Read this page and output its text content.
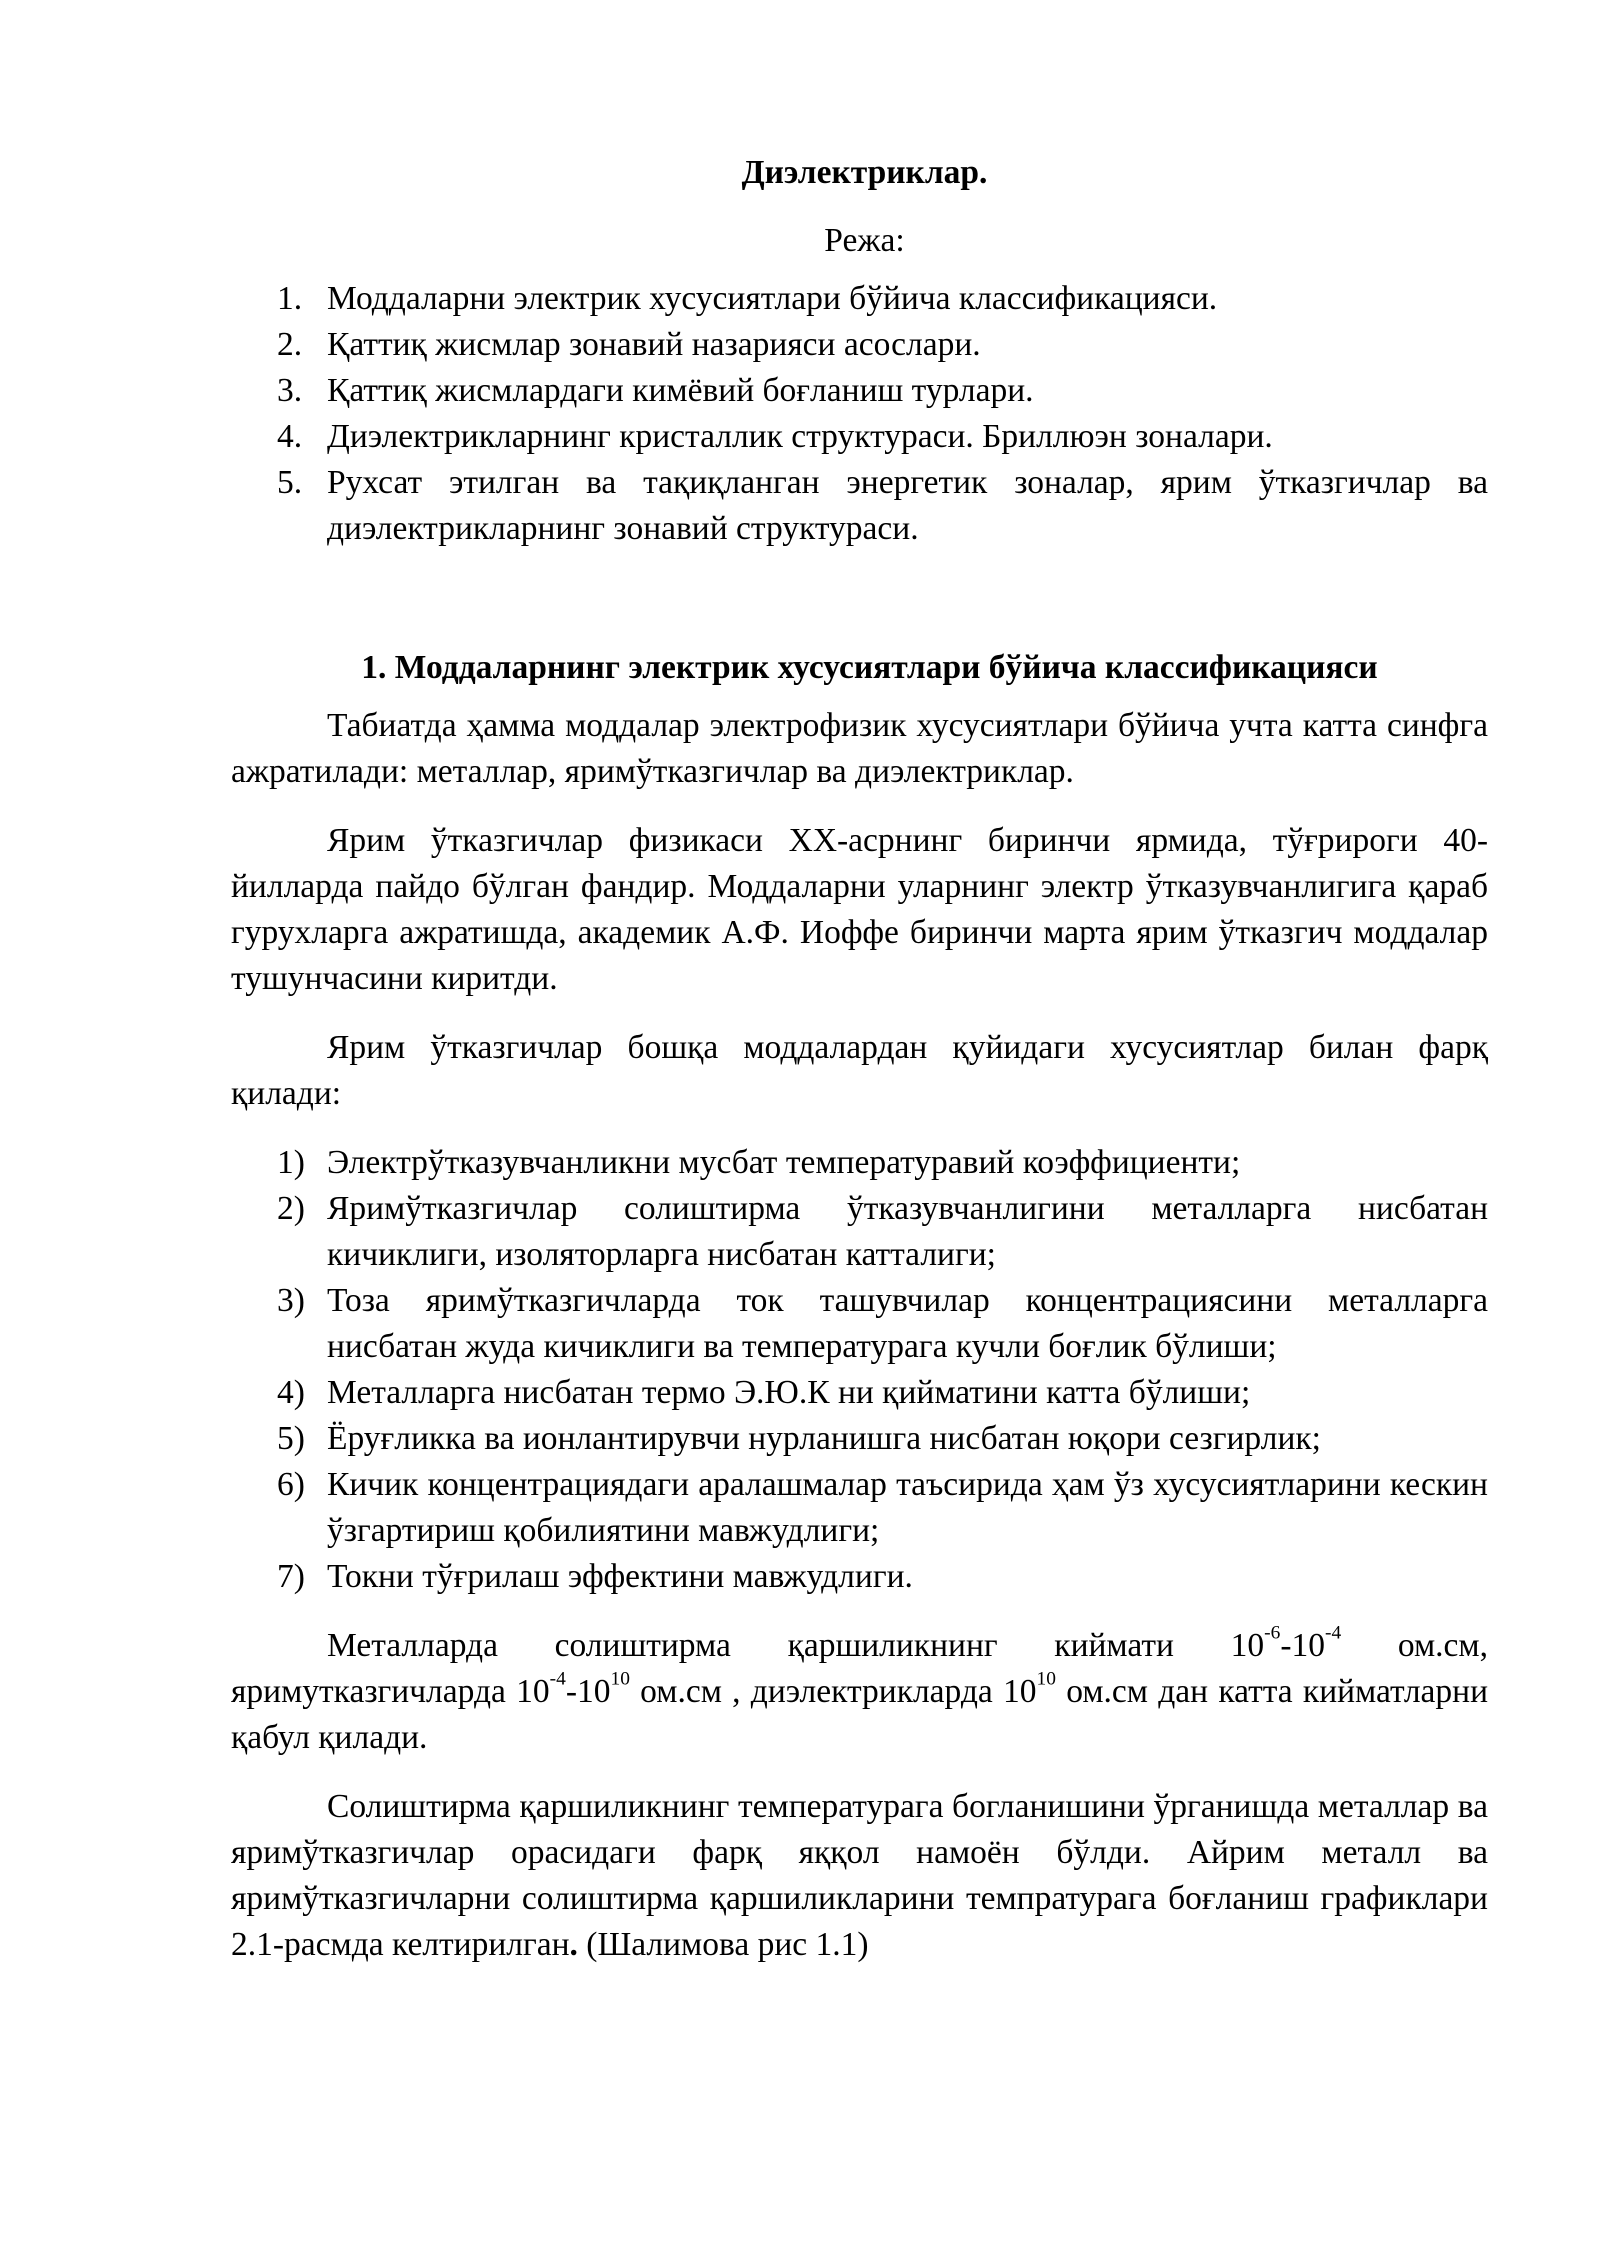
Диэлектриклар.
Режа:
1. Моддаларни электрик хусусиятлари бўйича классификацияси.
2. Қаттиқ жисмлар зонавий назарияси асослари.
3. Қаттиқ жисмлардаги кимёвий боғланиш турлари.
4. Диэлектрикларнинг кристаллик структураси. Бриллюэн зоналари.
5. Рухсат этилган ва тақиқланган энергетик зоналар, ярим ўтказгичлар ва диэлектрикларнинг зонавий структураси.
1. Моддаларнинг электрик хусусиятлари бўйича классификацияси

Табиатда ҳамма моддалар электрофизик хусусиятлари бўйича учта катта синфга ажратилади: металлар, яримўтказгичлар ва диэлектриклар.

Ярим ўтказгичлар физикаси ХХ-асрнинг биринчи ярмида, тўғрироги 40-йилларда пайдо бўлган фандир. Моддаларни уларнинг электр ўтказувчанлигига қараб гурухларга ажратишда, академик А.Ф. Иоффе биринчи марта ярим ўтказгич моддалар тушунчасини киритди.

Ярим ўтказгичлар бошқа моддалардан қуйидаги хусусиятлар билан фарқ қилади:

1) Электрўтказувчанликни мусбат температуравий коэффициенти;
2) Яримўтказгичлар солиштирма ўтказувчанлигини металларга нисбатан кичиклиги, изоляторларга нисбатан катталиги;
3) Тоза яримўтказгичларда ток ташувчилар концентрациясини металларга нисбатан жуда кичиклиги ва температурага кучли боғлик бўлиши;
4) Металларга нисбатан термо Э.Ю.К ни қийматини катта бўлиши;
5) Ёруғликка ва ионлантирувчи нурланишга нисбатан юқори сезгирлик;
6) Кичик концентрациядаги аралашмалар таъсирида ҳам ўз хусусиятларини кескин ўзгартириш қобилиятини мавжудлиги;
7) Токни тўғрилаш эффектини мавжудлиги.

Металларда солиштирма қаршиликнинг киймати $10^{-6}-10^{-4}$ ом.см, яримутказгичларда $10^{-4}-10^{10}$ ом.см , диэлектрикларда $10^{10}$ ом.см дан катта кийматларни қабул қилади.

Солиштирма қаршиликнинг температурага богланишини ўрганишда металлар ва яримўтказгичлар орасидаги фарқ яққол намоён бўлди. Айрим металл ва яримўтказгичларни солиштирма қаршиликларини темпратурага боғланиш графиклари 2.1-расмда келтирилган. (Шалимова рис 1.1)
